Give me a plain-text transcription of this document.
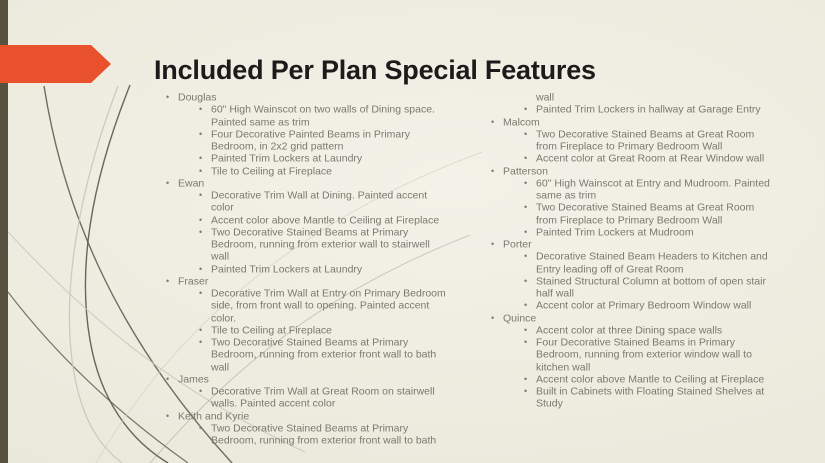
Included Per Plan Special Features
• Douglas
• 60" High Wainscot on two walls of Dining space.
Painted same as trim
• Four Decorative Painted Beams in Primary
Bedroom, in 2x2 grid pattern
• Painted Trim Lockers at Laundry
• Tile to Ceiling at Fireplace
• Ewan
• Decorative Trim Wall at Dining. Painted accent
color
• Accent color above Mantle to Ceiling at Fireplace
• Two Decorative Stained Beams at Primary
Bedroom, running from exterior wall to stairwell
wall
• Painted Trim Lockers at Laundry
• Fraser
• Decorative Trim Wall at Entry on Primary Bedroom
side, from front wall to opening. Painted accent
color.
• Tile to Ceiling at Fireplace
• Two Decorative Stained Beams at Primary
Bedroom, running from exterior front wall to bath
wall
• James
• Decorative Trim Wall at Great Room on stairwell
walls. Painted accent color
• Keith and Kyrie
• Two Decorative Stained Beams at Primary
Bedroom, running from exterior front wall to bath
wall
• Painted Trim Lockers in hallway at Garage Entry
• Malcom
• Two Decorative Stained Beams at Great Room
from Fireplace to Primary Bedroom Wall
• Accent color at Great Room at Rear Window wall
• Patterson
• 60" High Wainscot at Entry and Mudroom. Painted
same as trim
• Two Decorative Stained Beams at Great Room
from Fireplace to Primary Bedroom Wall
• Painted Trim Lockers at Mudroom
• Porter
• Decorative Stained Beam Headers to Kitchen and
Entry leading off of Great Room
• Stained Structural Column at bottom of open stair
half wall
• Accent color at Primary Bedroom Window wall
• Quince
• Accent color at three Dining space walls
• Four Decorative Stained Beams in Primary
Bedroom, running from exterior window wall to
kitchen wall
• Accent color above Mantle to Ceiling at Fireplace
• Built in Cabinets with Floating Stained Shelves at
Study
